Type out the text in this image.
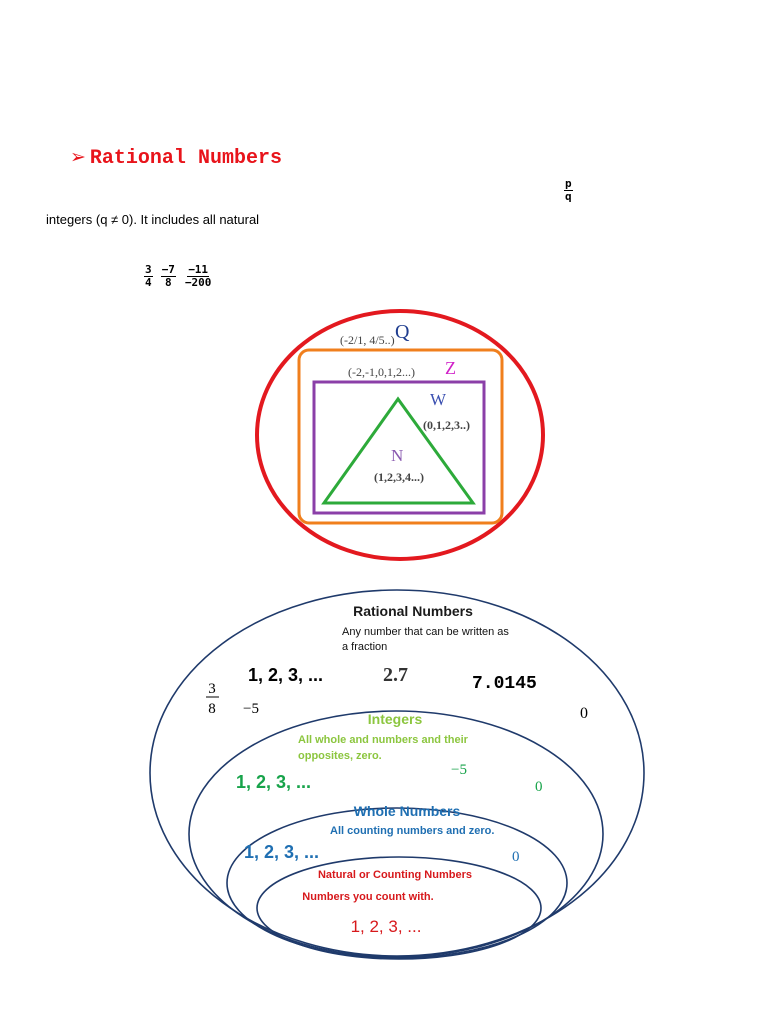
➢ Rational Numbers
$\frac{p}{q}$
integers (q ≠ 0). It includes all natural
$\frac{3}{4} \frac{-7}{8} \frac{-11}{-200}$
Q
(-2/1, 4/5..)
Z
(-2,-1,0,1,2...)
W
(0,1,2,3..)
N
(1,2,3,4...)
Rational Numbers
Any number that can be written as
a fraction
1, 2, 3, ...	2.7	7.0145
3
8 −5	0
Integers
All whole and numbers and their
opposites, zero.
1, 2, 3, ...
−5
0
Whole Numbers
All counting numbers and zero.
1, 2, 3, ...	0
Natural or Counting Numbers
Numbers you count with.
1, 2, 3, ...
